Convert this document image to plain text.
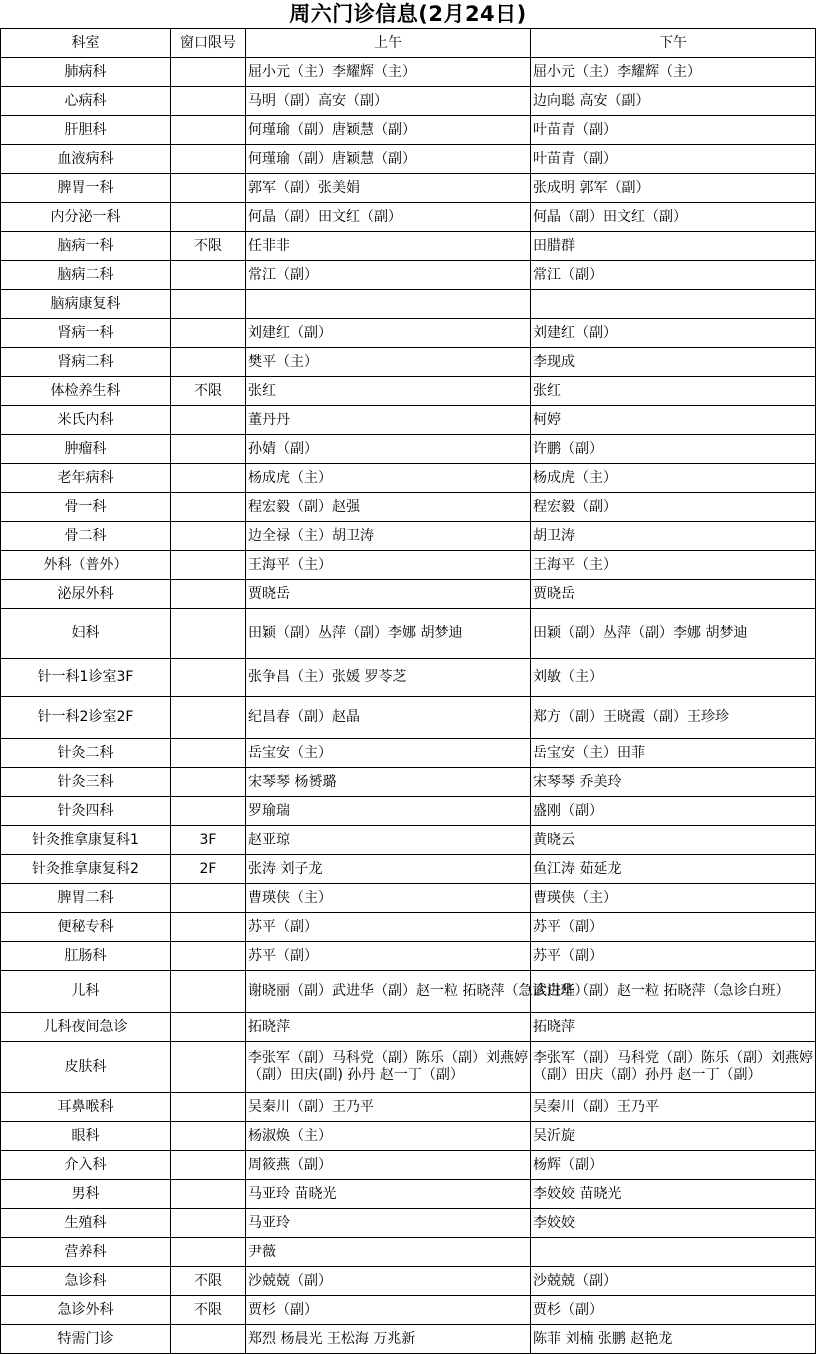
周六门诊信息(2月24日)
科室	窗口限号	上午	下午
肺病科		屈小元（主）李耀辉（主）	屈小元（主）李耀辉（主）
心病科		马明（副）高安（副）	边向聪 高安（副）
肝胆科		何瑾瑜（副）唐颖慧（副）	叶苗青（副）
血液病科		何瑾瑜（副）唐颖慧（副）	叶苗青（副）
脾胃一科		郭军（副）张美娟	张成明 郭军（副）
内分泌一科		何晶（副）田文红（副）	何晶（副）田文红（副）
脑病一科	不限	任非非	田腊群
脑病二科		常江（副）	常江（副）
脑病康复科			
肾病一科		刘建红（副）	刘建红（副）
肾病二科		樊平（主）	李现成
体检养生科	不限	张红	张红
米氏内科		董丹丹	柯婷
肿瘤科		孙婧（副）	许鹏（副）
老年病科		杨成虎（主）	杨成虎（主）
骨一科		程宏毅（副）赵强	程宏毅（副）
骨二科		边全禄（主）胡卫涛	胡卫涛
外科（普外）		王海平（主）	王海平（主）
泌尿外科		贾晓岳	贾晓岳
妇科		田颖（副）丛萍（副）李娜 胡梦迪	田颖（副）丛萍（副）李娜 胡梦迪
针一科1诊室3F		张争昌（主）张媛 罗苓芝	刘敏（主）
针一科2诊室2F		纪昌春（副）赵晶	郑方（副）王晓霞（副）王珍珍
针灸二科		岳宝安（主）	岳宝安（主）田菲
针灸三科		宋琴琴 杨赟璐	宋琴琴 乔美玲
针灸四科		罗瑜瑞	盛刚（副）
针灸推拿康复科1	3F	赵亚琼	黄晓云
针灸推拿康复科2	2F	张涛 刘子龙	鱼江涛 茹延龙
脾胃二科		曹瑛侠（主）	曹瑛侠（主）
便秘专科		苏平（副）	苏平（副）
肛肠科		苏平（副）	苏平（副）
儿科		谢晓丽（副）武进华（副）赵一粒 拓晓萍（急诊白班）	武进华（副）赵一粒 拓晓萍（急诊白班）
儿科夜间急诊		拓晓萍	拓晓萍
皮肤科		李张军（副）马科党（副）陈乐（副）刘燕婷（副）田庆(副) 孙丹 赵一丁（副）	李张军（副）马科党（副）陈乐（副）刘燕婷（副）田庆（副）孙丹 赵一丁（副）
耳鼻喉科		吴秦川（副）王乃平	吴秦川（副）王乃平
眼科		杨淑焕（主）	吴沂旋
介入科		周筱燕（副）	杨辉（副）
男科		马亚玲 苗晓光	李姣姣 苗晓光
生殖科		马亚玲	李姣姣
营养科		尹薇	
急诊科	不限	沙兢兢（副）	沙兢兢（副）
急诊外科	不限	贾杉（副）	贾杉（副）
特需门诊		郑烈 杨晨光 王松海 万兆新	陈菲 刘楠 张鹏 赵艳龙
